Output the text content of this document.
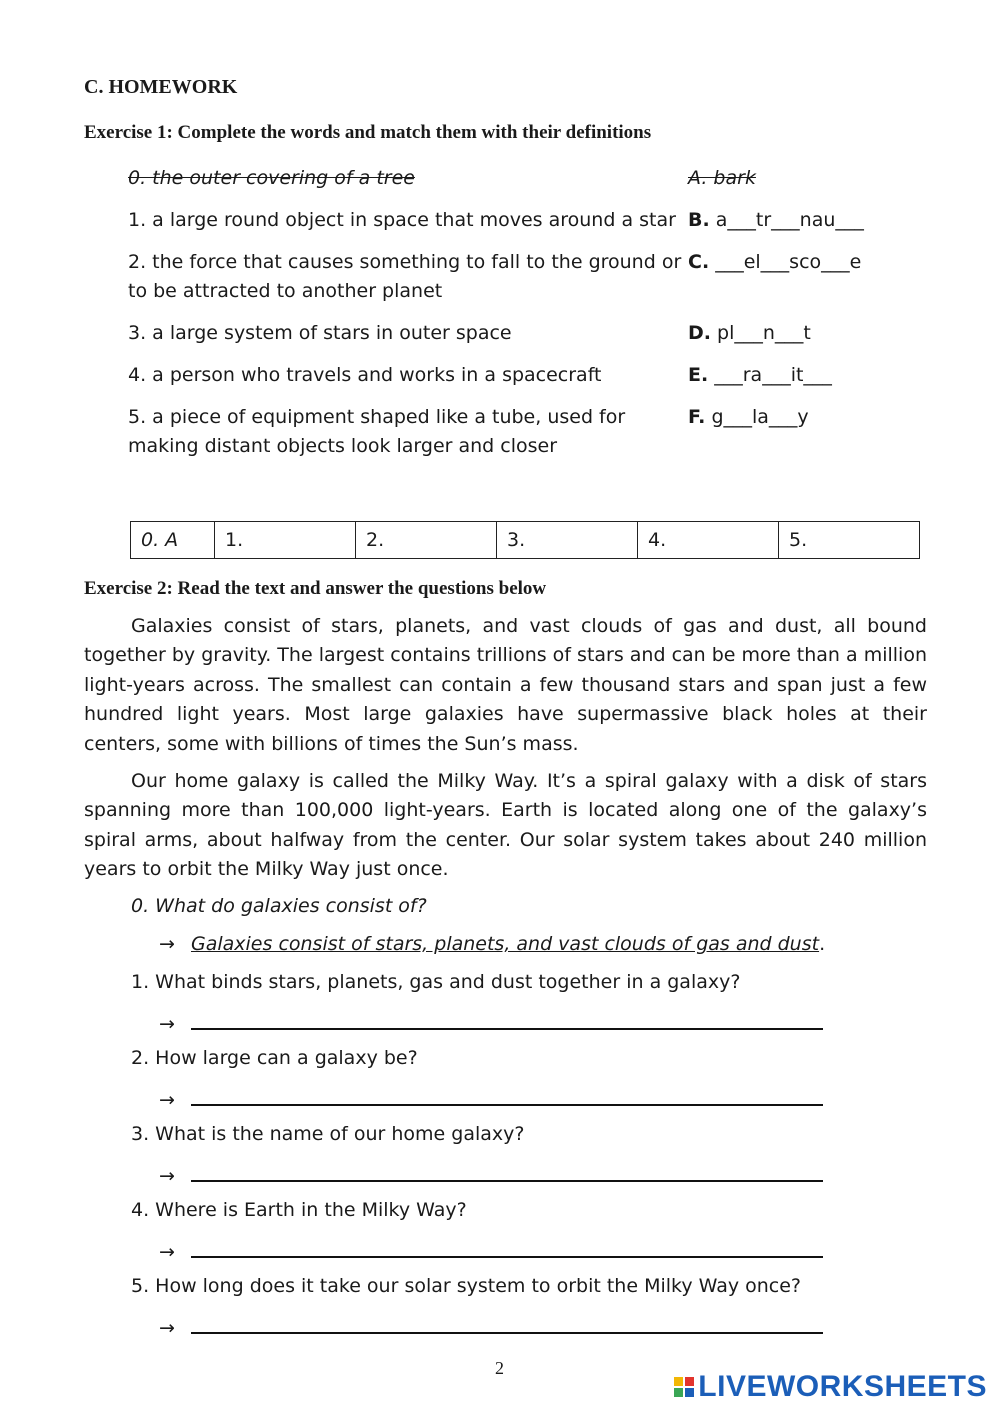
C. HOMEWORK
Exercise 1: Complete the words and match them with their definitions
0. the outer covering of a tree	A. bark
1. a large round object in space that moves around a star B. a___tr___nau___
2. the force that causes something to fall to the ground or to be attracted to another planet
C. ___el___sco___e
3. a large system of stars in outer space	D. pl___n___t
4. a person who travels and works in a spacecraft	E. ___ra___it___
5. a piece of equipment shaped like a tube, used for making distant objects look larger and closer
F. g___la___y
0. A	1.	2.	3.	4.	5.
Exercise 2: Read the text and answer the questions below

Galaxies consist of stars, planets, and vast clouds of gas and dust, all bound together by gravity. The largest contains trillions of stars and can be more than a million light-years across. The smallest can contain a few thousand stars and span just a few hundred light years. Most large galaxies have supermassive black holes at their centers, some with billions of times the Sun’s mass.

Our home galaxy is called the Milky Way. It’s a spiral galaxy with a disk of stars spanning more than 100,000 light-years. Earth is located along one of the galaxy’s spiral arms, about halfway from the center. Our solar system takes about 240 million years to orbit the Milky Way just once.

0. What do galaxies consist of?
→ Galaxies consist of stars, planets, and vast clouds of gas and dust .
1. What binds stars, planets, gas and dust together in a galaxy?
→
2. How large can a galaxy be?
→
3. What is the name of our home galaxy?
→
4. Where is Earth in the Milky Way?
→
5. How long does it take our solar system to orbit the Milky Way once?
→
2
LIVEWORKSHEETS
